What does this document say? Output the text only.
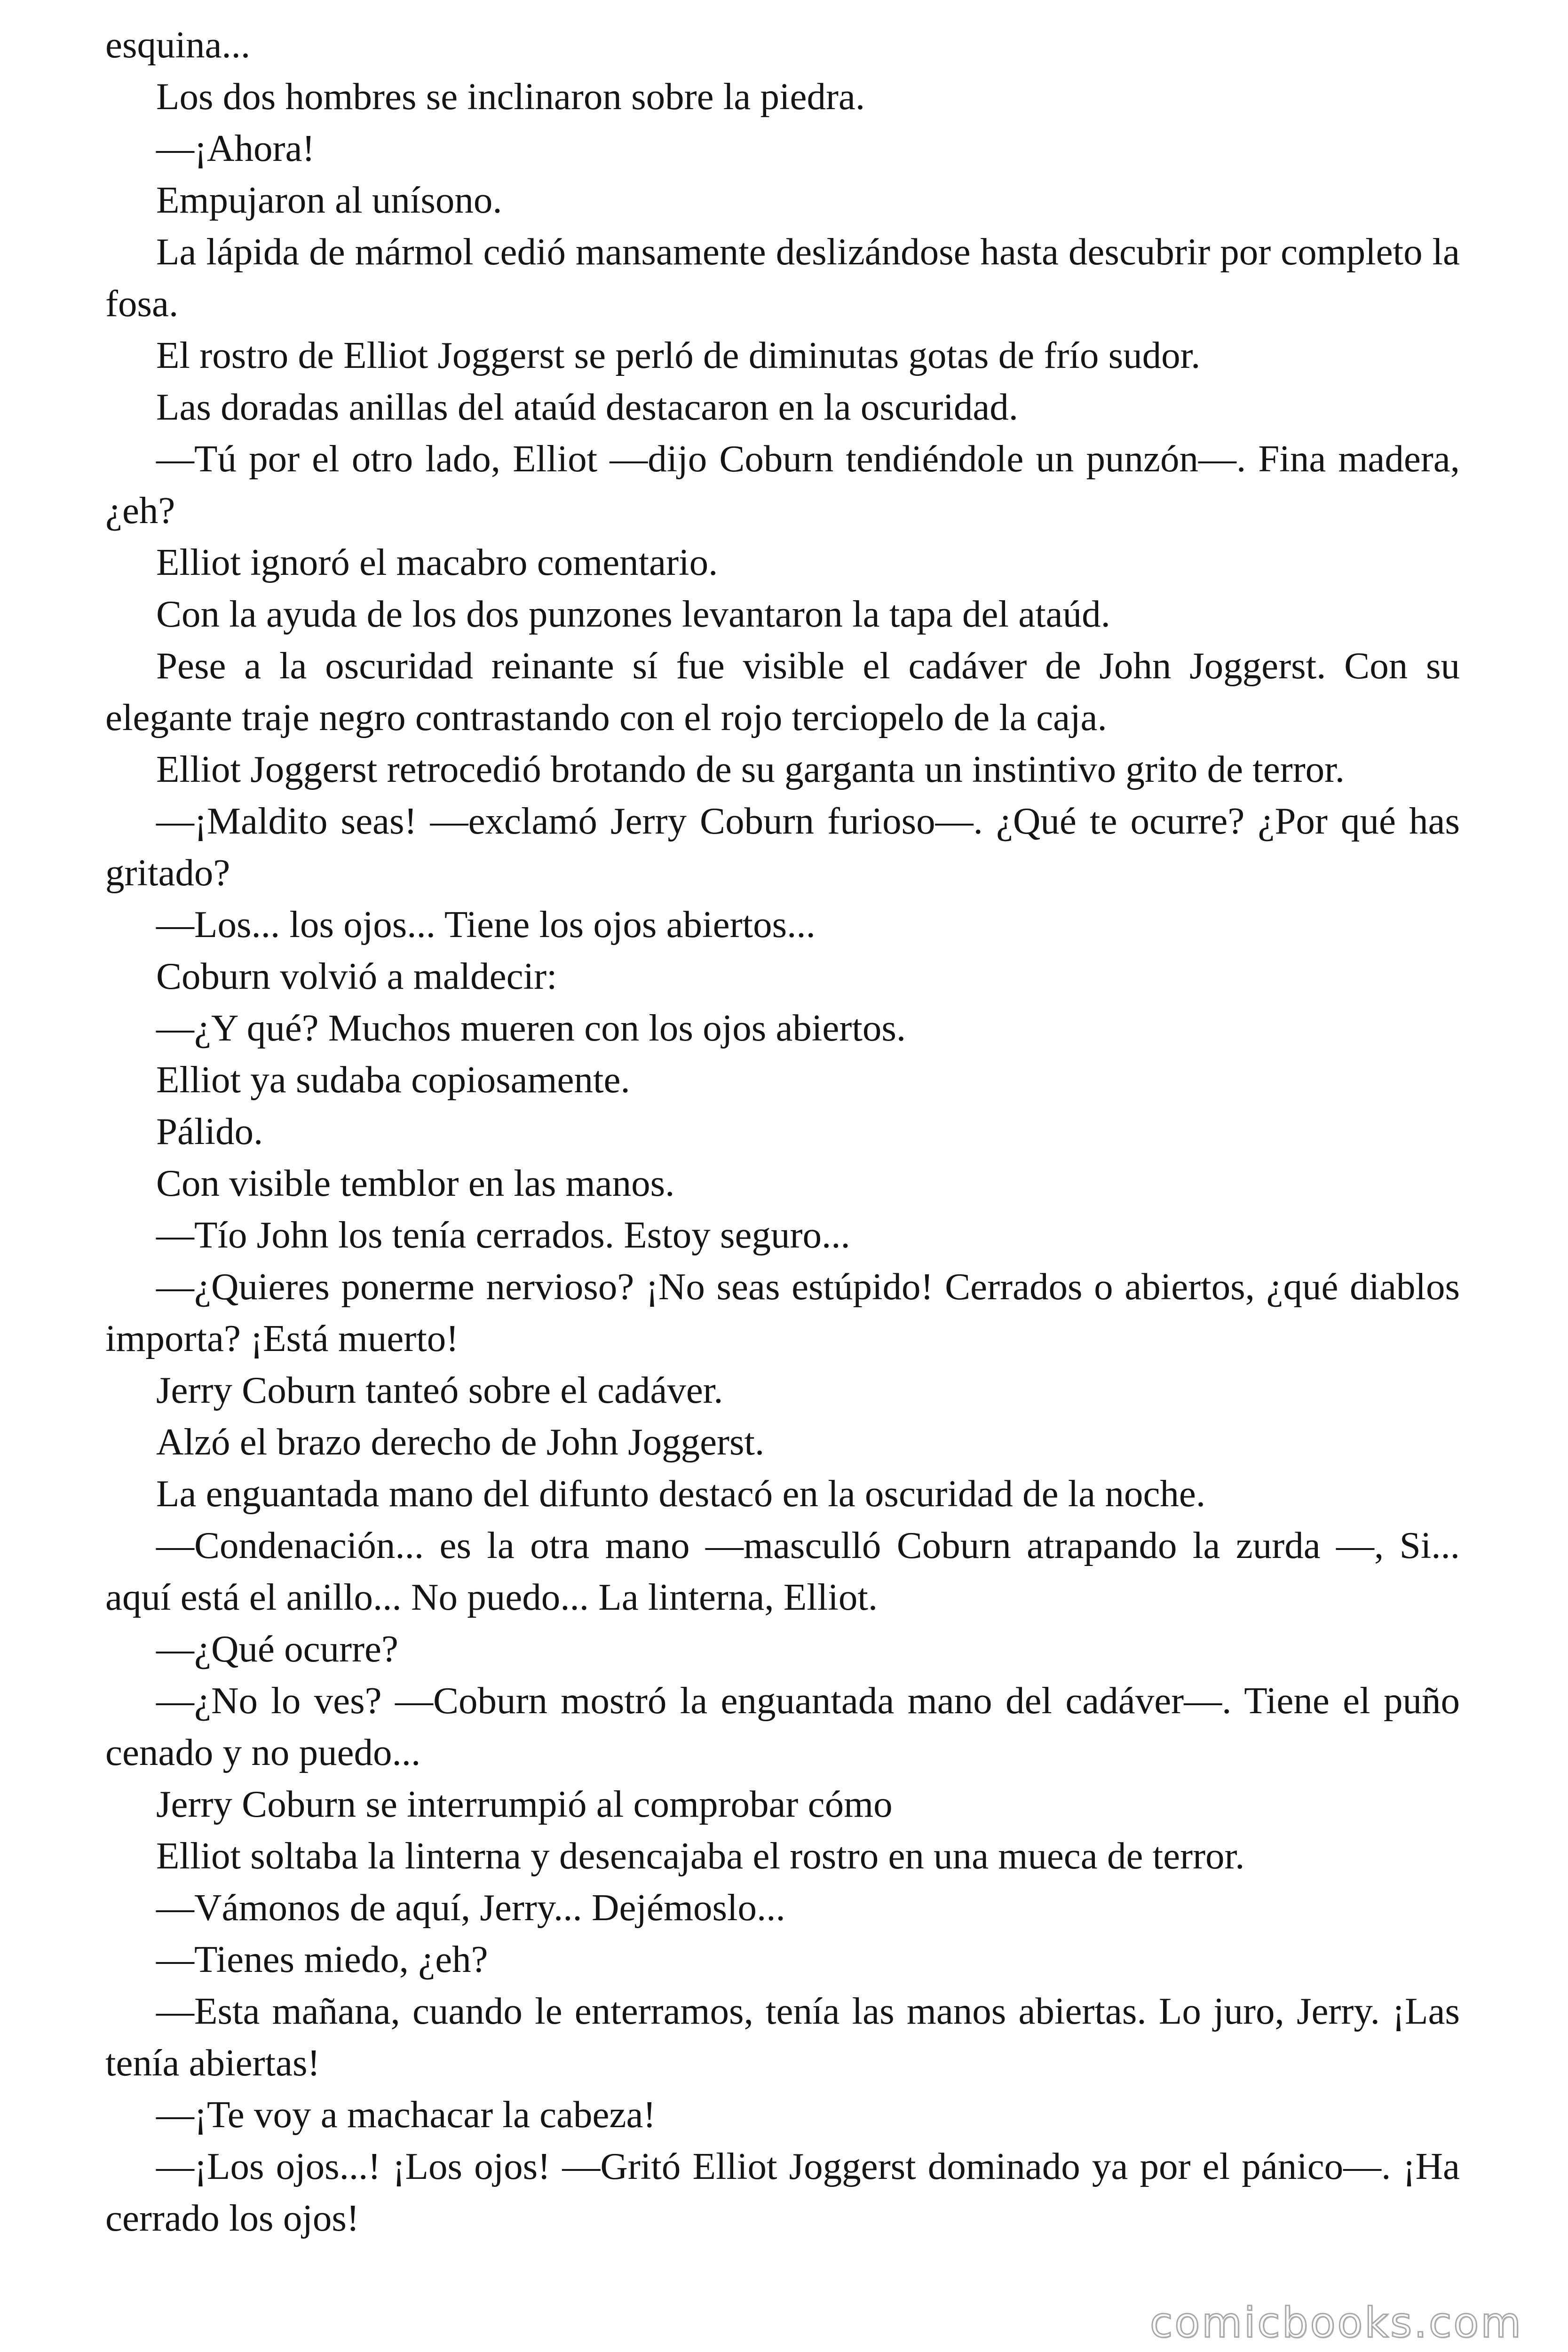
esquina...

Los dos hombres se inclinaron sobre la piedra.

—¡Ahora!

Empujaron al unísono.

La lápida de mármol cedió mansamente deslizándose hasta descubrir por completo la fosa.

El rostro de Elliot Joggerst se perló de diminutas gotas de frío sudor.

Las doradas anillas del ataúd destacaron en la oscuridad.

—Tú por el otro lado, Elliot —dijo Coburn tendiéndole un punzón—. Fina madera, ¿eh?

Elliot ignoró el macabro comentario.

Con la ayuda de los dos punzones levantaron la tapa del ataúd.

Pese a la oscuridad reinante sí fue visible el cadáver de John Joggerst. Con su elegante traje negro contrastando con el rojo terciopelo de la caja.

Elliot Joggerst retrocedió brotando de su garganta un instintivo grito de terror.

—¡Maldito seas! —exclamó Jerry Coburn furioso—. ¿Qué te ocurre? ¿Por qué has gritado?

—Los... los ojos... Tiene los ojos abiertos...

Coburn volvió a maldecir:

—¿Y qué? Muchos mueren con los ojos abiertos.

Elliot ya sudaba copiosamente.

Pálido.

Con visible temblor en las manos.

—Tío John los tenía cerrados. Estoy seguro...

—¿Quieres ponerme nervioso? ¡No seas estúpido! Cerrados o abiertos, ¿qué diablos importa? ¡Está muerto!

Jerry Coburn tanteó sobre el cadáver.

Alzó el brazo derecho de John Joggerst.

La enguantada mano del difunto destacó en la oscuridad de la noche.

—Condenación... es la otra mano —masculló Coburn atrapando la zurda —, Si... aquí está el anillo... No puedo... La linterna, Elliot.

—¿Qué ocurre?

—¿No lo ves? —Coburn mostró la enguantada mano del cadáver—. Tiene el puño cenado y no puedo...

Jerry Coburn se interrumpió al comprobar cómo

Elliot soltaba la linterna y desencajaba el rostro en una mueca de terror.

—Vámonos de aquí, Jerry... Dejémoslo...

—Tienes miedo, ¿eh?

—Esta mañana, cuando le enterramos, tenía las manos abiertas. Lo juro, Jerry. ¡Las tenía abiertas!

—¡Te voy a machacar la cabeza!

—¡Los ojos...! ¡Los ojos! —Gritó Elliot Joggerst dominado ya por el pánico—. ¡Ha cerrado los ojos!

comicbooks.com
